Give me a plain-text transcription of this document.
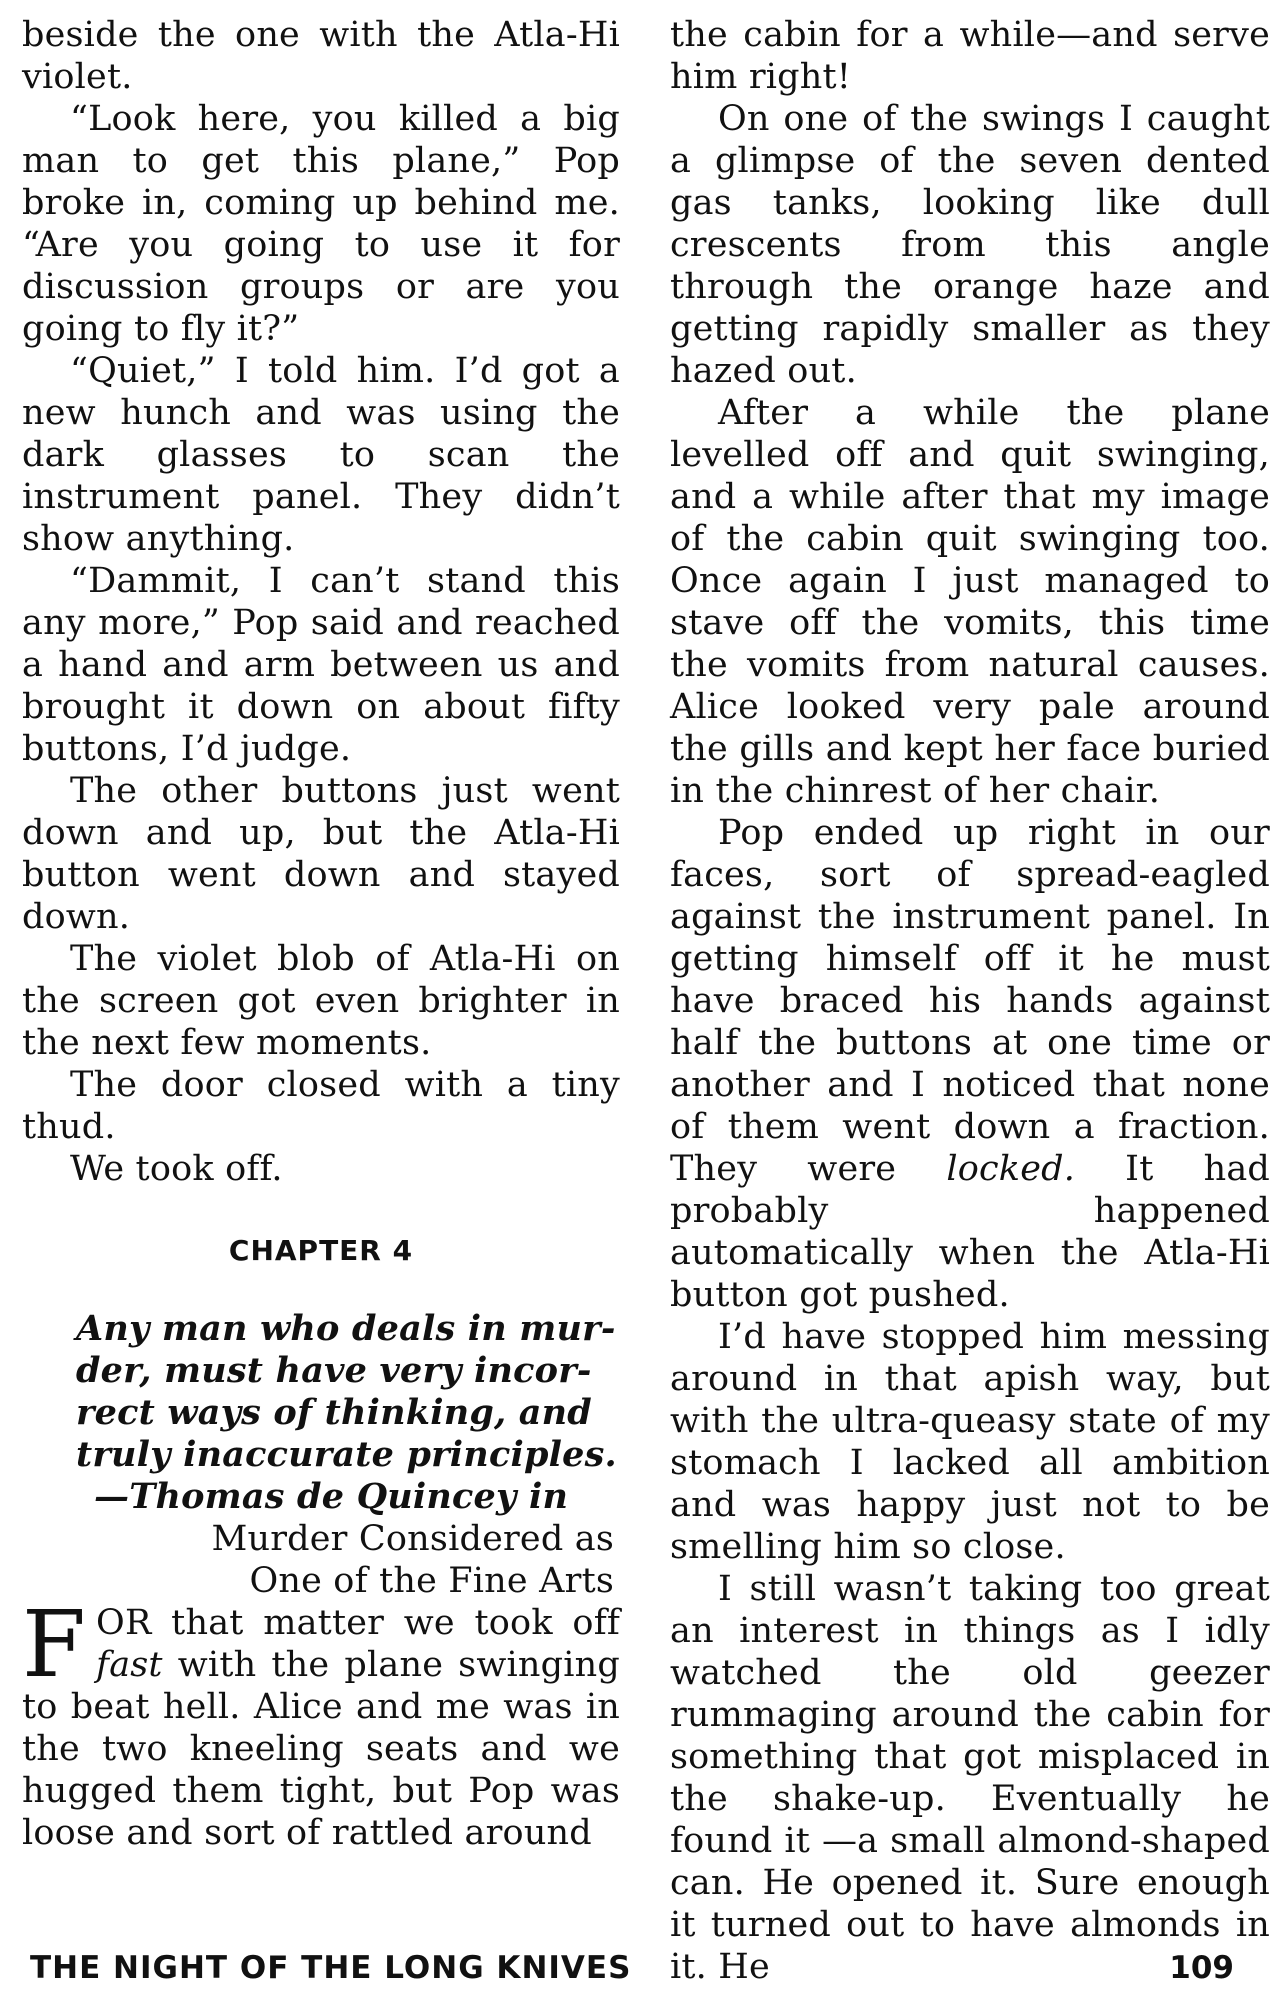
beside the one with the Atla-Hi violet.

“Look here, you killed a big man to get this plane,” Pop broke in, coming up behind me. “Are you going to use it for discussion groups or are you going to fly it?”

“Quiet,” I told him. I’d got a new hunch and was using the dark glasses to scan the instrument panel. They didn’t show anything.

“Dammit, I can’t stand this any more,” Pop said and reached a hand and arm between us and brought it down on about fifty buttons, I’d judge.

The other buttons just went down and up, but the Atla-Hi button went down and stayed down.

The violet blob of Atla-Hi on the screen got even brighter in the next few moments.

The door closed with a tiny thud.

We took off.

CHAPTER 4
Any man who deals in mur-
der, must have very incor-
rect ways of thinking, and
truly inaccurate principles.
—Thomas de Quincey in
Murder Considered as
One of the Fine Arts

FOR that matter we took off fast with the plane swinging to beat hell. Alice and me was in the two kneeling seats and we hugged them tight, but Pop was loose and sort of rattled around

the cabin for a while—and serve him right!

On one of the swings I caught a glimpse of the seven dented gas tanks, looking like dull crescents from this angle through the orange haze and getting rapidly smaller as they hazed out.

After a while the plane levelled off and quit swinging, and a while after that my image of the cabin quit swinging too. Once again I just managed to stave off the vomits, this time the vomits from natural causes. Alice looked very pale around the gills and kept her face buried in the chinrest of her chair.

Pop ended up right in our faces, sort of spread-eagled against the instrument panel. In getting himself off it he must have braced his hands against half the buttons at one time or another and I noticed that none of them went down a fraction. They were locked. It had probably happened automatically when the Atla-Hi button got pushed.

I’d have stopped him messing around in that apish way, but with the ultra-queasy state of my stomach I lacked all ambition and was happy just not to be smelling him so close.

I still wasn’t taking too great an interest in things as I idly watched the old geezer rummaging around the cabin for something that got misplaced in the shake-up. Eventually he found it —a small almond-shaped can. He opened it. Sure enough it turned out to have almonds in it. He

THE NIGHT OF THE LONG KNIVES	109
